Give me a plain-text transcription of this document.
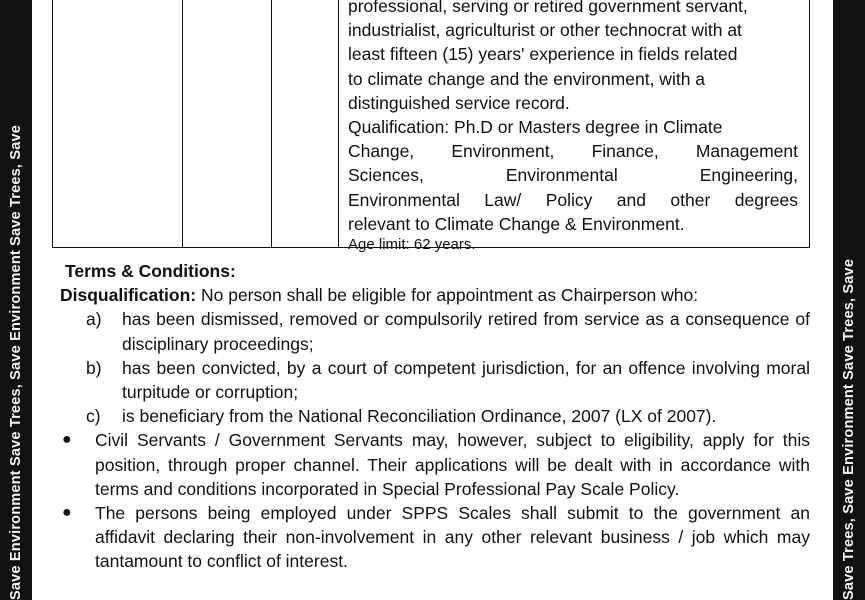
Save Environment Save Trees, Save Environment Save Trees, Save	Save Trees, Save Environment Save Trees, Save

professional, serving or retired government servant,

industrialist, agriculturist or other technocrat with at

least fifteen (15) years' experience in fields related

to climate change and the environment, with a

distinguished service record.

Qualification: Ph.D or Masters degree in Climate

Change, Environment, Finance, Management

Sciences, Environmental Engineering,

Environmental Law/ Policy and other degrees

relevant to Climate Change & Environment.

Age limit: 62 years.

Terms & Conditions:
Disqualification: No person shall be eligible for appointment as Chairperson who:
a) has been dismissed, removed or compulsorily retired from service as a consequence of disciplinary proceedings;
b) has been convicted, by a court of competent jurisdiction, for an offence involving moral turpitude or corruption;
c) is beneficiary from the National Reconciliation Ordinance, 2007 (LX of 2007).
● Civil Servants / Government Servants may, however, subject to eligibility, apply for this position, through proper channel. Their applications will be dealt with in accordance with terms and conditions incorporated in Special Professional Pay Scale Policy.
● The persons being employed under SPPS Scales shall submit to the government an affidavit declaring their non-involvement in any other relevant business / job which may tantamount to conflict of interest.
